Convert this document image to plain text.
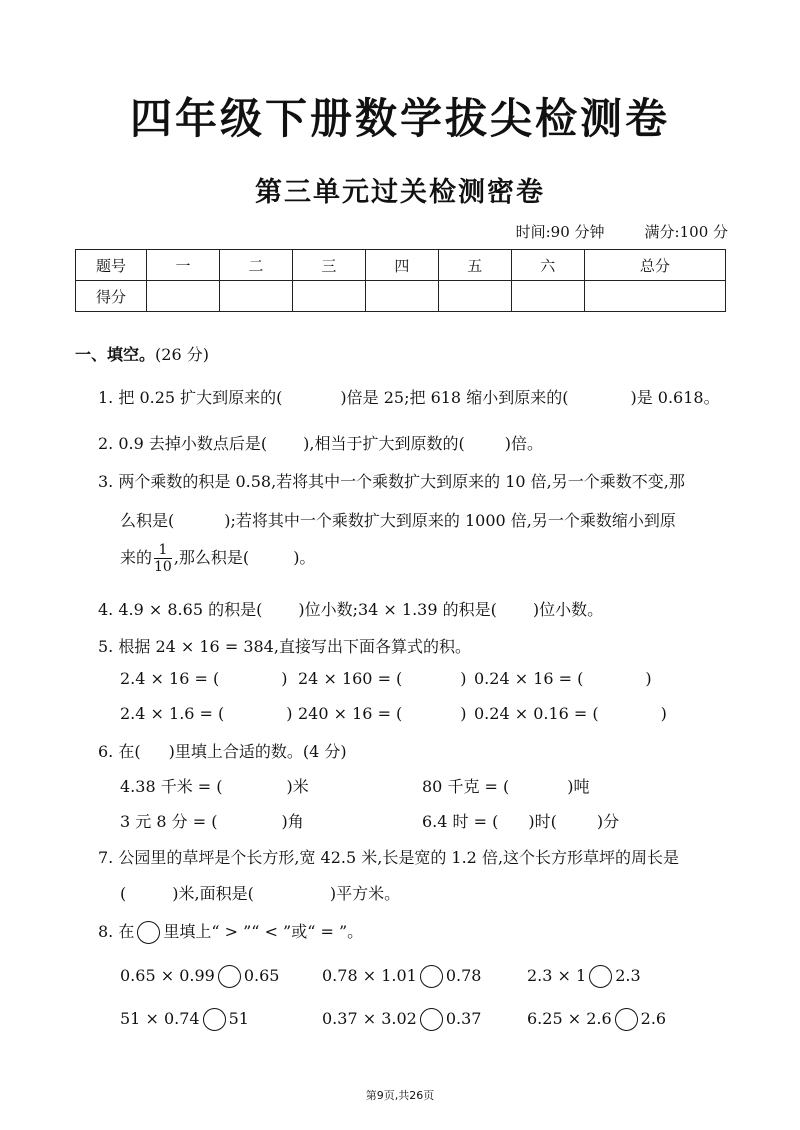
四年级下册数学拔尖检测卷
第三单元过关检测密卷
时间:90 分钟	满分:100 分
题号	一	二	三	四	五	六	总分
得分							
一、填空。(26 分)
1. 把 0.25 扩大到原来的(	)倍是 25;把 618 缩小到原来的(	)是 0.618。
2. 0.9 去掉小数点后是( ),相当于扩大到原数的(	)倍。
3. 两个乘数的积是 0.58,若将其中一个乘数扩大到原来的 10 倍,另一个乘数不变,那
么积是(	);若将其中一个乘数扩大到原来的 1000 倍,另一个乘数缩小到原
来的 $\frac{1}{10}$ ,那么积是(	)。
4. 4.9 × 8.65 的积是( )位小数;34 × 1.39 的积是( )位小数。
5. 根据 24 × 16 = 384,直接写出下面各算式的积。
2.4 × 16 = (	) 24 × 160 = (	) 0.24 × 16 = (	)
2.4 × 1.6 = (	) 240 × 16 = (	) 0.24 × 0.16 = (	)
6. 在( )里填上合适的数。(4 分)
4.38 千米 = (	)米	80 千克 = (	)吨
3 元 8 分 = (	)角	6.4 时 = ( )时(	)分
7. 公园里的草坪是个长方形,宽 42.5 米,长是宽的 1.2 倍,这个长方形草坪的周长是
(	)米,面积是(	)平方米。
8. 在 里填上“ > ”“ < ”或“ = ”。
0.65 × 0.99 0.65	0.78 × 1.01 0.78	2.3 × 1 2.3
51 × 0.74 51	0.37 × 3.02 0.37	6.25 × 2.6 2.6
第9页,共26页
